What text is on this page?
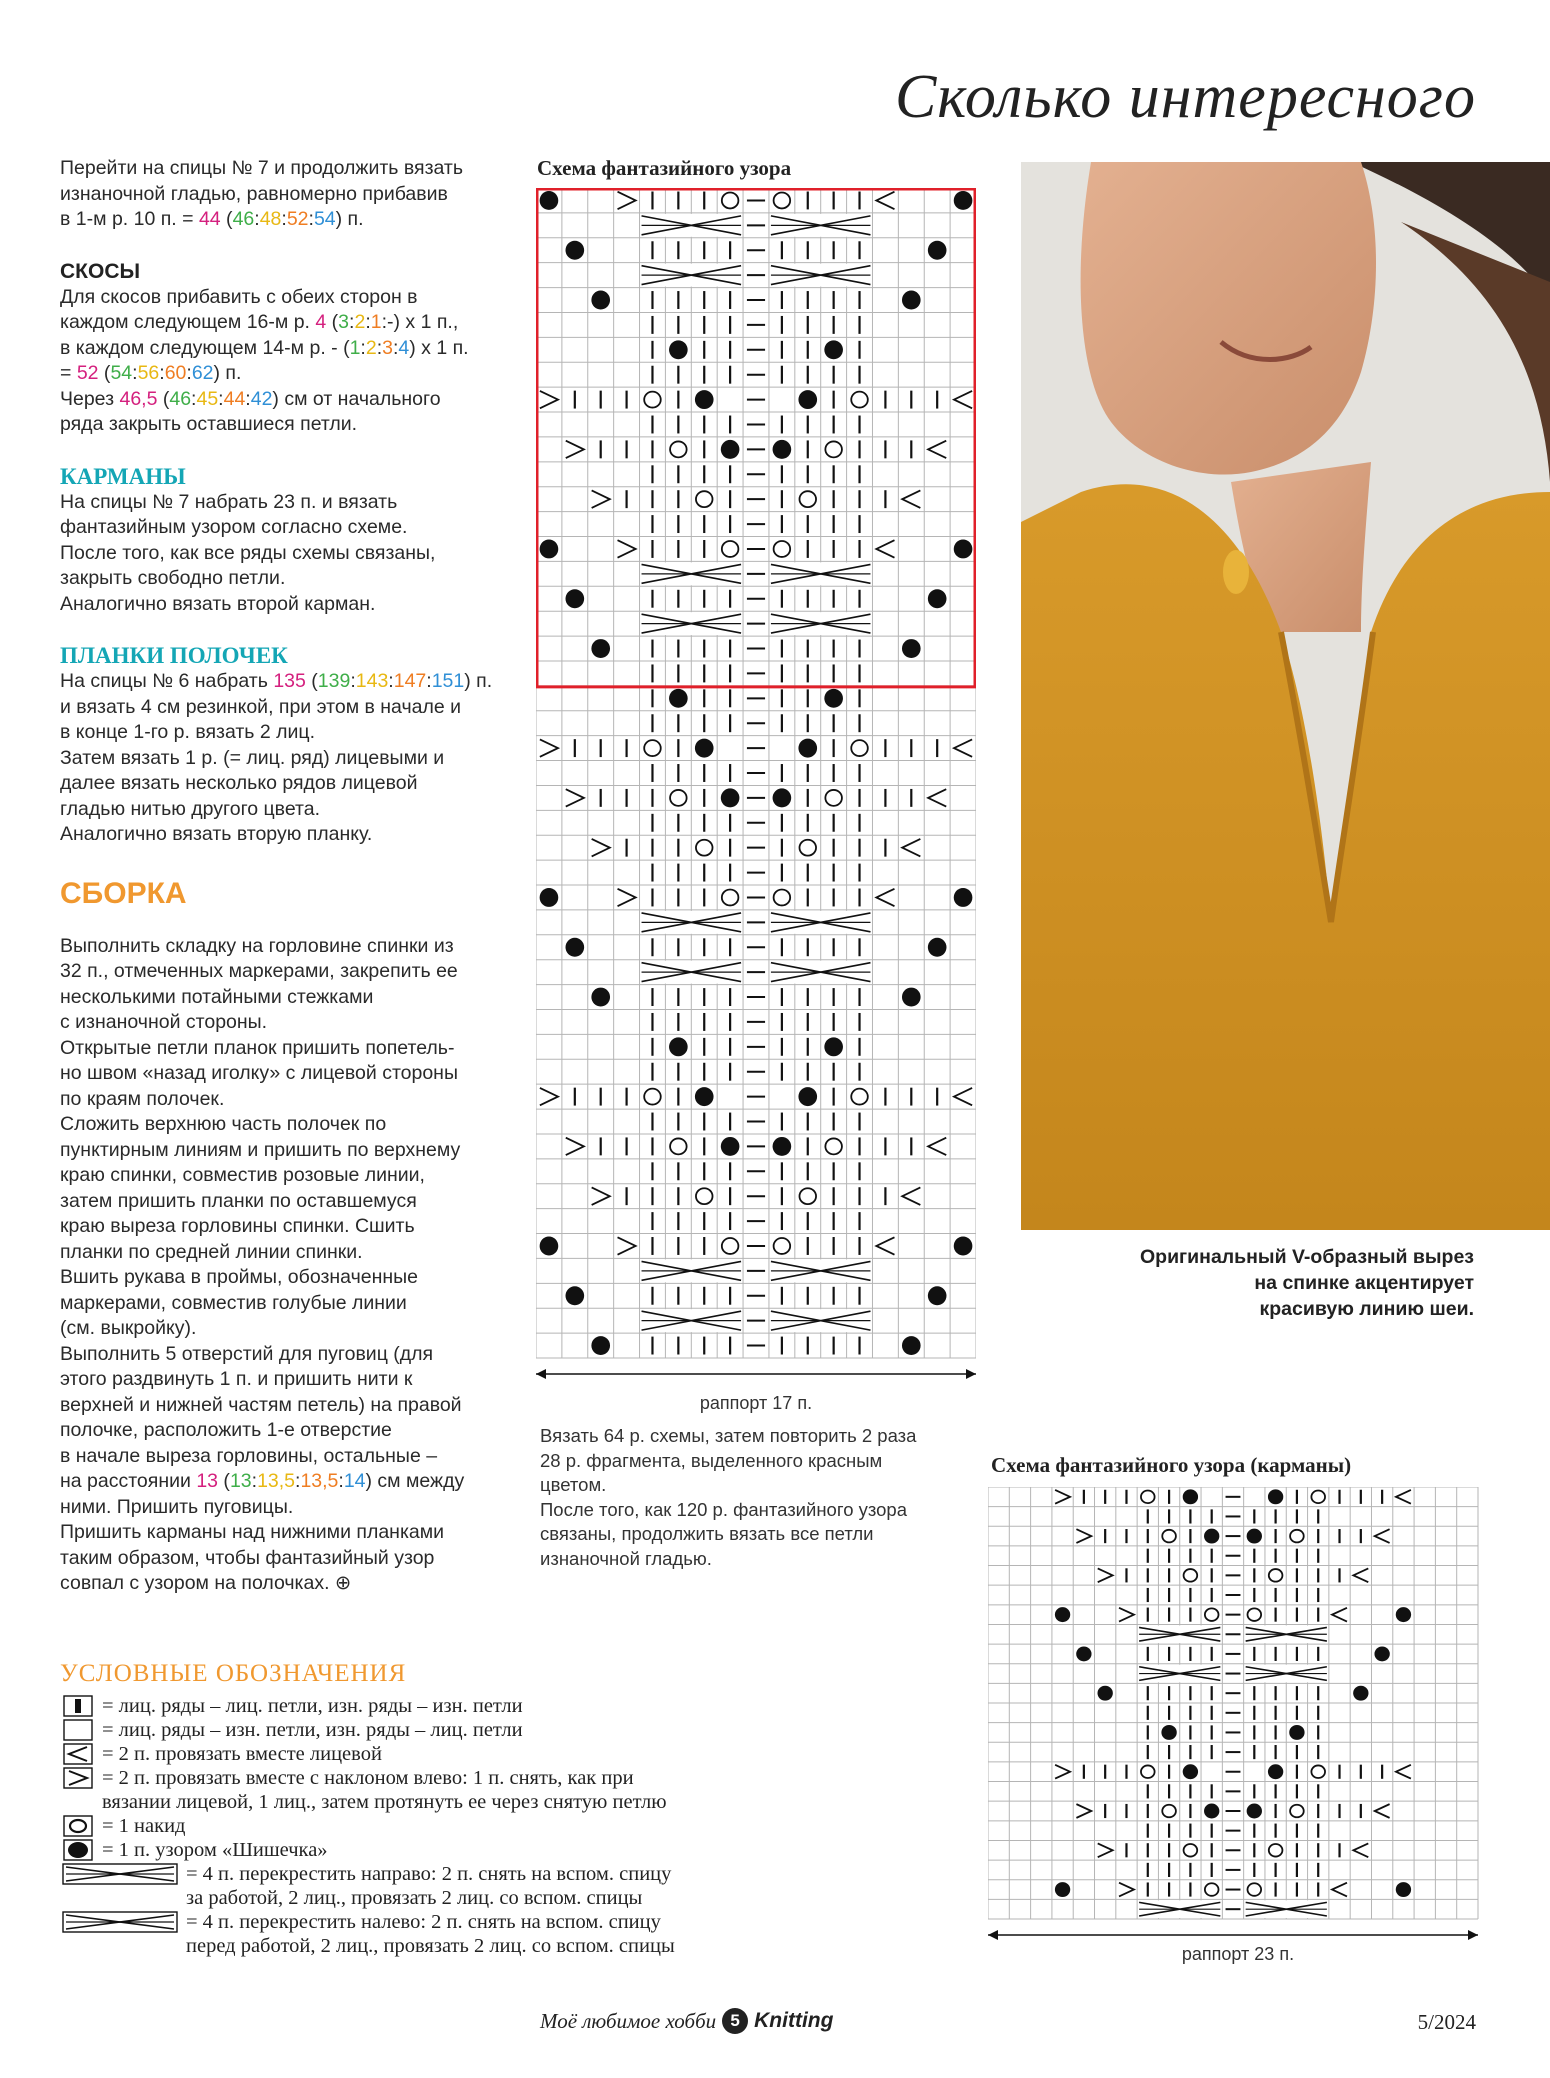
Сколько интересного
Перейти на спицы № 7 и продолжить вязать
изнаночной гладью, равномерно прибавив
в 1-м р. 10 п. = 44 (46:48:52:54) п.
СКОСЫ
Для скосов прибавить с обеих сторон в
каждом следующем 16-м р. 4 (3:2:1:-) х 1 п.,
в каждом следующем 14-м р. - (1:2:3:4) х 1 п.
= 52 (54:56:60:62) п.
Через 46,5 (46:45:44:42) см от начального
ряда закрыть оставшиеся петли.
КАРМАНЫ
На спицы № 7 набрать 23 п. и вязать
фантазийным узором согласно схеме.
После того, как все ряды схемы связаны,
закрыть свободно петли.
Аналогично вязать второй карман.
ПЛАНКИ ПОЛОЧЕК
На спицы № 6 набрать 135 (139:143:147:151) п.
и вязать 4 см резинкой, при этом в начале и
в конце 1-го р. вязать 2 лиц.
Затем вязать 1 р. (= лиц. ряд) лицевыми и
далее вязать несколько рядов лицевой
гладью нитью другого цвета.
Аналогично вязать вторую планку.
СБОРКА
Выполнить складку на горловине спинки из
32 п., отмеченных маркерами, закрепить ее
несколькими потайными стежками
с изнаночной стороны.
Открытые петли планок пришить попетель-
но швом «назад иголку» с лицевой стороны
по краям полочек.
Сложить верхнюю часть полочек по
пунктирным линиям и пришить по верхнему
краю спинки, совместив розовые линии,
затем пришить планки по оставшемуся
краю выреза горловины спинки. Сшить
планки по средней линии спинки.
Вшить рукава в проймы, обозначенные
маркерами, совместив голубые линии
(см. выкройку).
Выполнить 5 отверстий для пуговиц (для
этого раздвинуть 1 п. и пришить нити к
верхней и нижней частям петель) на правой
полочке, расположить 1-е отверстие
в начале выреза горловины, остальные –
на расстоянии 13 (13:13,5:13,5:14) см между
ними. Пришить пуговицы.
Пришить карманы над нижними планками
таким образом, чтобы фантазийный узор
совпал с узором на полочках. ⊕
Схема фантазийного узора
раппорт 17 п.
Вязать 64 р. схемы, затем повторить 2 раза
28 р. фрагмента, выделенного красным
цветом.
После того, как 120 р. фантазийного узора
связаны, продолжить вязать все петли
изнаночной гладью.
Оригинальный V-образный вырез
на спинке акцентирует
красивую линию шеи.
Схема фантазийного узора (карманы)
раппорт 23 п.
УСЛОВНЫЕ ОБОЗНАЧЕНИЯ
= лиц. ряды – лиц. петли, изн. ряды – изн. петли
= лиц. ряды – изн. петли, изн. ряды – лиц. петли
= 2 п. провязать вместе лицевой
= 2 п. провязать вместе с наклоном влево: 1 п. снять, как при
вязании лицевой, 1 лиц., затем протянуть ее через снятую петлю
= 1 накид
= 1 п. узором «Шишечка»
= 4 п. перекрестить направо: 2 п. снять на вспом. спицу
за работой, 2 лиц., провязать 2 лиц. со вспом. спицы
= 4 п. перекрестить налево: 2 п. снять на вспом. спицу
перед работой, 2 лиц., провязать 2 лиц. со вспом. спицы
Моё любимое хобби 5 Knitting	5/2024
